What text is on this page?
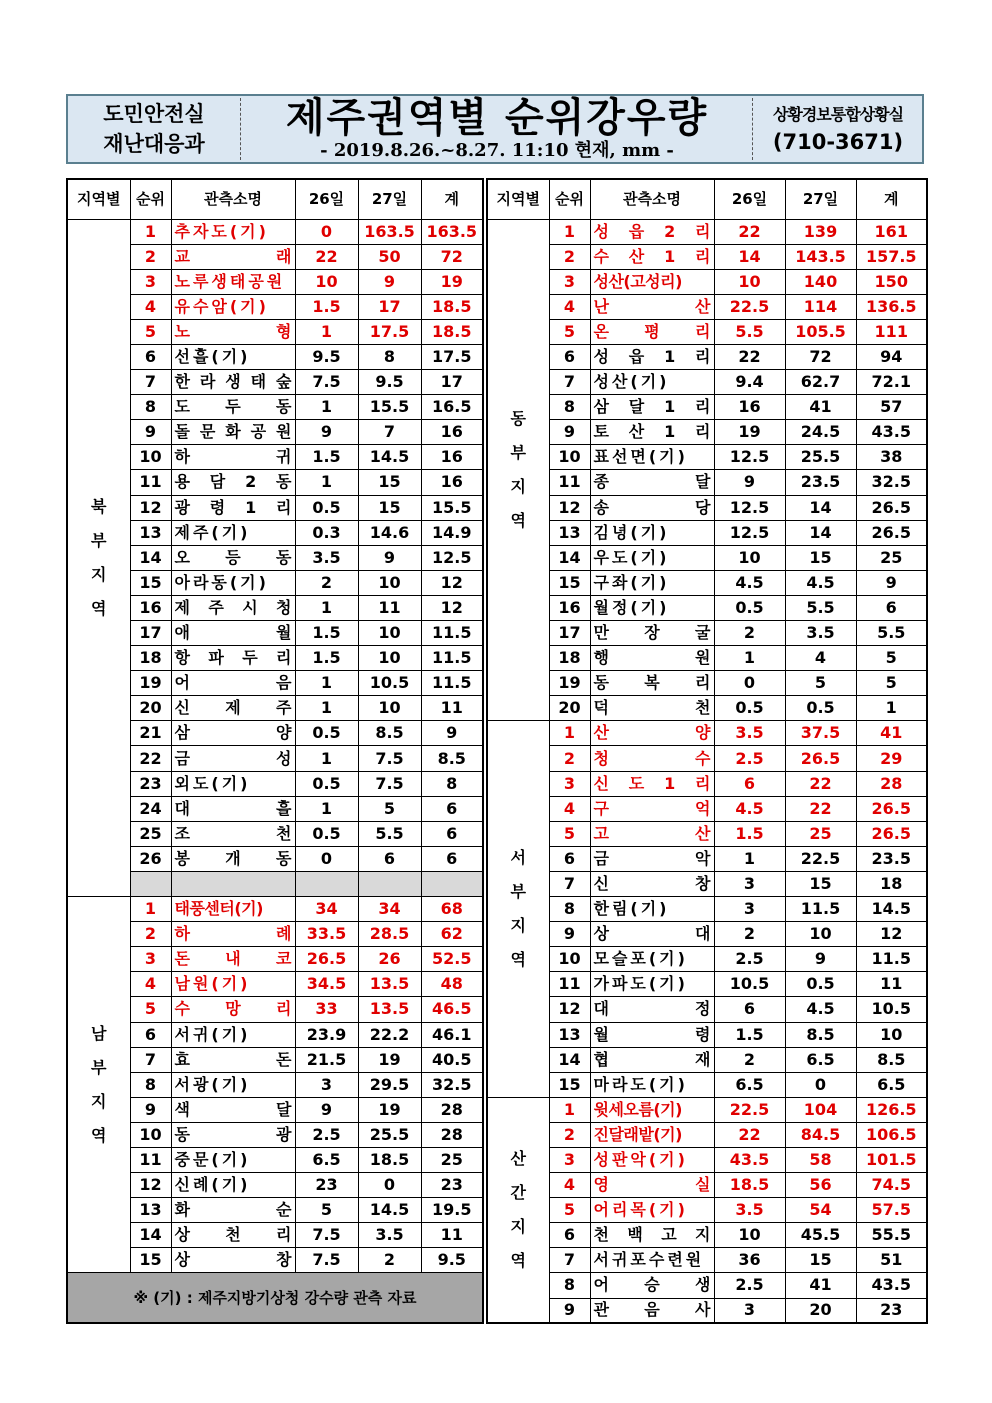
도민안전실
재난대응과
제주권역별 순위강우량
- 2019.8.26.~8.27. 11:10 현재, mm -
상황경보통합상황실
(710-3671)
지역별	순위	관측소명	26일	27일	계
북부지역	1	추자도(기)	0	163.5	163.5
	2	교 래	22	50	72
	3	노루생태공원	10	9	19
	4	유수암(기)	1.5	17	18.5
	5	노 형	1	17.5	18.5
	6	선흘(기)	9.5	8	17.5
	7	한 라 생 태 숲	7.5	9.5	17
	8	도 두 동	1	15.5	16.5
	9	돌 문 화 공 원	9	7	16
	10	하 귀	1.5	14.5	16
	11	용 담 2 동	1	15	16
	12	광 령 1 리	0.5	15	15.5
	13	제주(기)	0.3	14.6	14.9
	14	오 등 동	3.5	9	12.5
	15	아라동(기)	2	10	12
	16	제 주 시 청	1	11	12
	17	애 월	1.5	10	11.5
	18	항 파 두 리	1.5	10	11.5
	19	어 음	1	10.5	11.5
	20	신 제 주	1	10	11
	21	삼 양	0.5	8.5	9
	22	금 성	1	7.5	8.5
	23	외도(기)	0.5	7.5	8
	24	대 흘	1	5	6
	25	조 천	0.5	5.5	6
	26	봉 개 동	0	6	6

남부지역	1	태풍센터(기)	34	34	68
	2	하 례	33.5	28.5	62
	3	돈 내 코	26.5	26	52.5
	4	남원(기)	34.5	13.5	48
	5	수 망 리	33	13.5	46.5
	6	서귀(기)	23.9	22.2	46.1
	7	효 돈	21.5	19	40.5
	8	서광(기)	3	29.5	32.5
	9	색 달	9	19	28
	10	동 광	2.5	25.5	28
	11	중문(기)	6.5	18.5	25
	12	신례(기)	23	0	23
	13	화 순	5	14.5	19.5
	14	상 천 리	7.5	3.5	11
	15	상 창	7.5	2	9.5
※ (기) : 제주지방기상청 강수량 관측 자료					
지역별	순위	관측소명	26일	27일	계
동부지역	1	성 읍 2 리	22	139	161
	2	수 산 1 리	14	143.5	157.5
	3	성산(고성리)	10	140	150
	4	난 산	22.5	114	136.5
	5	온 평 리	5.5	105.5	111
	6	성 읍 1 리	22	72	94
	7	성산(기)	9.4	62.7	72.1
	8	삼 달 1 리	16	41	57
	9	토 산 1 리	19	24.5	43.5
	10	표선면(기)	12.5	25.5	38
	11	종 달	9	23.5	32.5
	12	송 당	12.5	14	26.5
	13	김녕(기)	12.5	14	26.5
	14	우도(기)	10	15	25
	15	구좌(기)	4.5	4.5	9
	16	월정(기)	0.5	5.5	6
	17	만 장 굴	2	3.5	5.5
	18	행 원	1	4	5
	19	동 복 리	0	5	5
	20	덕 천	0.5	0.5	1
서부지역	1	산 양	3.5	37.5	41
	2	청 수	2.5	26.5	29
	3	신 도 1 리	6	22	28
	4	구 억	4.5	22	26.5
	5	고 산	1.5	25	26.5
	6	금 악	1	22.5	23.5
	7	신 창	3	15	18
	8	한림(기)	3	11.5	14.5
	9	상 대	2	10	12
	10	모슬포(기)	2.5	9	11.5
	11	가파도(기)	10.5	0.5	11
	12	대 정	6	4.5	10.5
	13	월 령	1.5	8.5	10
	14	협 재	2	6.5	8.5
	15	마라도(기)	6.5	0	6.5
산간지역	1	윗세오름(기)	22.5	104	126.5
	2	진달래밭(기)	22	84.5	106.5
	3	성판악(기)	43.5	58	101.5
	4	영 실	18.5	56	74.5
	5	어리목(기)	3.5	54	57.5
	6	천 백 고 지	10	45.5	55.5
	7	서귀포수련원	36	15	51
	8	어 승 생	2.5	41	43.5
	9	관 음 사	3	20	23
